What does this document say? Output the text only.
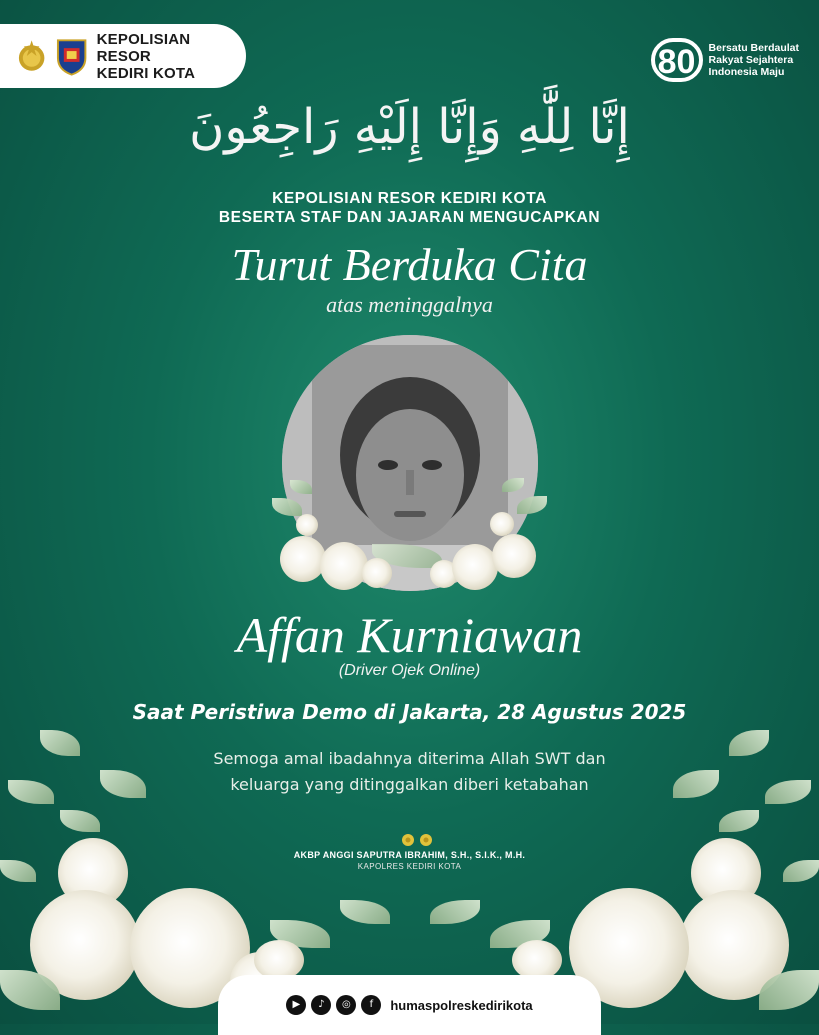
KEPOLISIAN RESOR
KEDIRI KOTA	80	Bersatu Berdaulat
Rakyat Sejahtera
Indonesia Maju
إِنَّا لِلَّٰهِ وَإِنَّا إِلَيْهِ رَاجِعُونَ
KEPOLISIAN RESOR KEDIRI KOTA
BESERTA STAF DAN JAJARAN MENGUCAPKAN
Turut Berduka Cita
atas meninggalnya
Affan Kurniawan
(Driver Ojek Online)
Saat Peristiwa Demo di Jakarta, 28 Agustus 2025
Semoga amal ibadahnya diterima Allah SWT dan
keluarga yang ditinggalkan diberi ketabahan
AKBP ANGGI SAPUTRA IBRAHIM, S.H., S.I.K., M.H.
KAPOLRES KEDIRI KOTA
▶	♪	◎	f	humaspolreskedirikota
